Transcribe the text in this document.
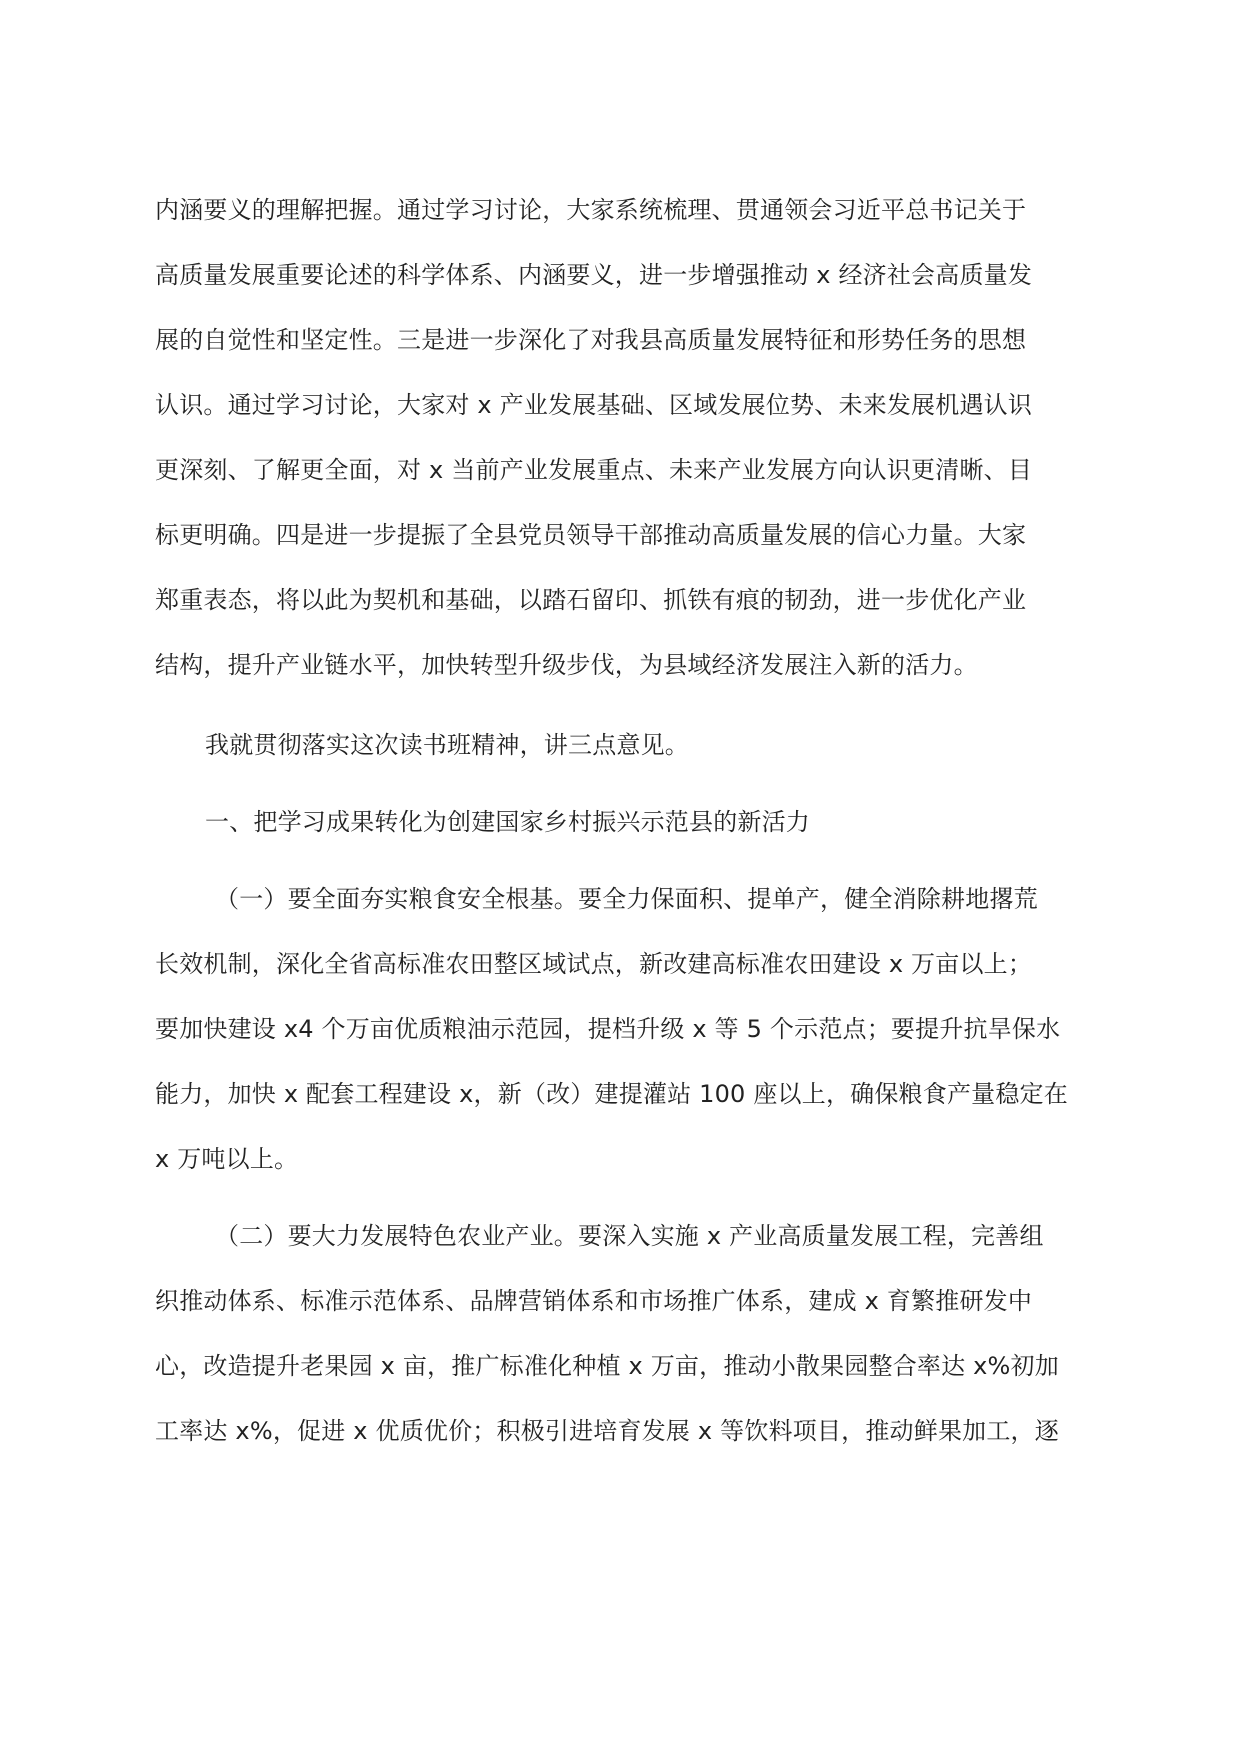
内涵要义的理解把握。通过学习讨论，大家系统梳理、贯通领会习近平总书记关于
高质量发展重要论述的科学体系、内涵要义，进一步增强推动 x 经济社会高质量发
展的自觉性和坚定性。三是进一步深化了对我县高质量发展特征和形势任务的思想
认识。通过学习讨论，大家对 x 产业发展基础、区域发展位势、未来发展机遇认识
更深刻、了解更全面，对 x 当前产业发展重点、未来产业发展方向认识更清晰、目
标更明确。四是进一步提振了全县党员领导干部推动高质量发展的信心力量。大家
郑重表态，将以此为契机和基础，以踏石留印、抓铁有痕的韧劲，进一步优化产业
结构，提升产业链水平，加快转型升级步伐，为县域经济发展注入新的活力。
我就贯彻落实这次读书班精神，讲三点意见。
一、把学习成果转化为创建国家乡村振兴示范县的新活力
（一）要全面夯实粮食安全根基。要全力保面积、提单产，健全消除耕地撂荒
长效机制，深化全省高标准农田整区域试点，新改建高标准农田建设 x 万亩以上；
要加快建设 x4 个万亩优质粮油示范园，提档升级 x 等 5 个示范点；要提升抗旱保水
能力，加快 x 配套工程建设 x，新（改）建提灌站 100 座以上，确保粮食产量稳定在
x 万吨以上。
（二）要大力发展特色农业产业。要深入实施 x 产业高质量发展工程，完善组
织推动体系、标准示范体系、品牌营销体系和市场推广体系，建成 x 育繁推研发中
心，改造提升老果园 x 亩，推广标准化种植 x 万亩，推动小散果园整合率达 x%初加
工率达 x%，促进 x 优质优价；积极引进培育发展 x 等饮料项目，推动鲜果加工，逐
